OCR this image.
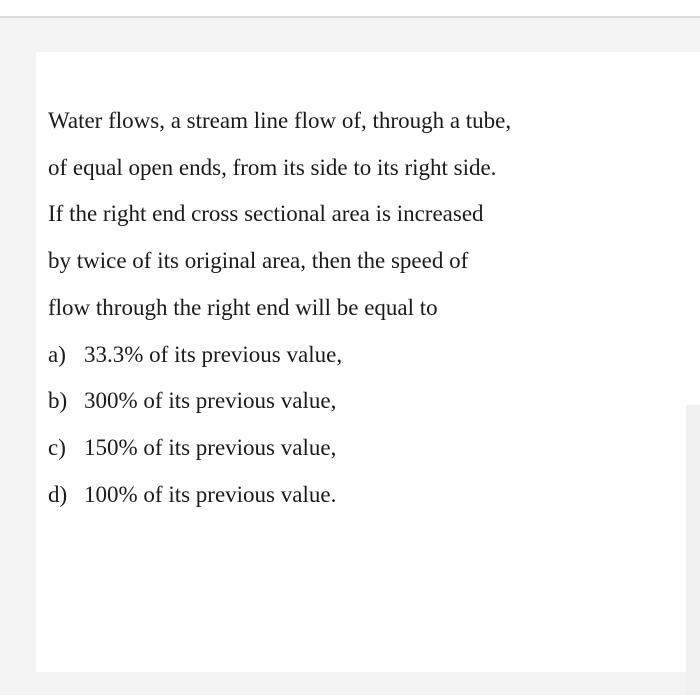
Water flows, a stream line flow of, through a tube,
of equal open ends, from its side to its right side.
If the right end cross sectional area is increased
by twice of its original area, then the speed of
flow through the right end will be equal to
a) 33.3% of its previous value,
b) 300% of its previous value,
c) 150% of its previous value,
d) 100% of its previous value.
